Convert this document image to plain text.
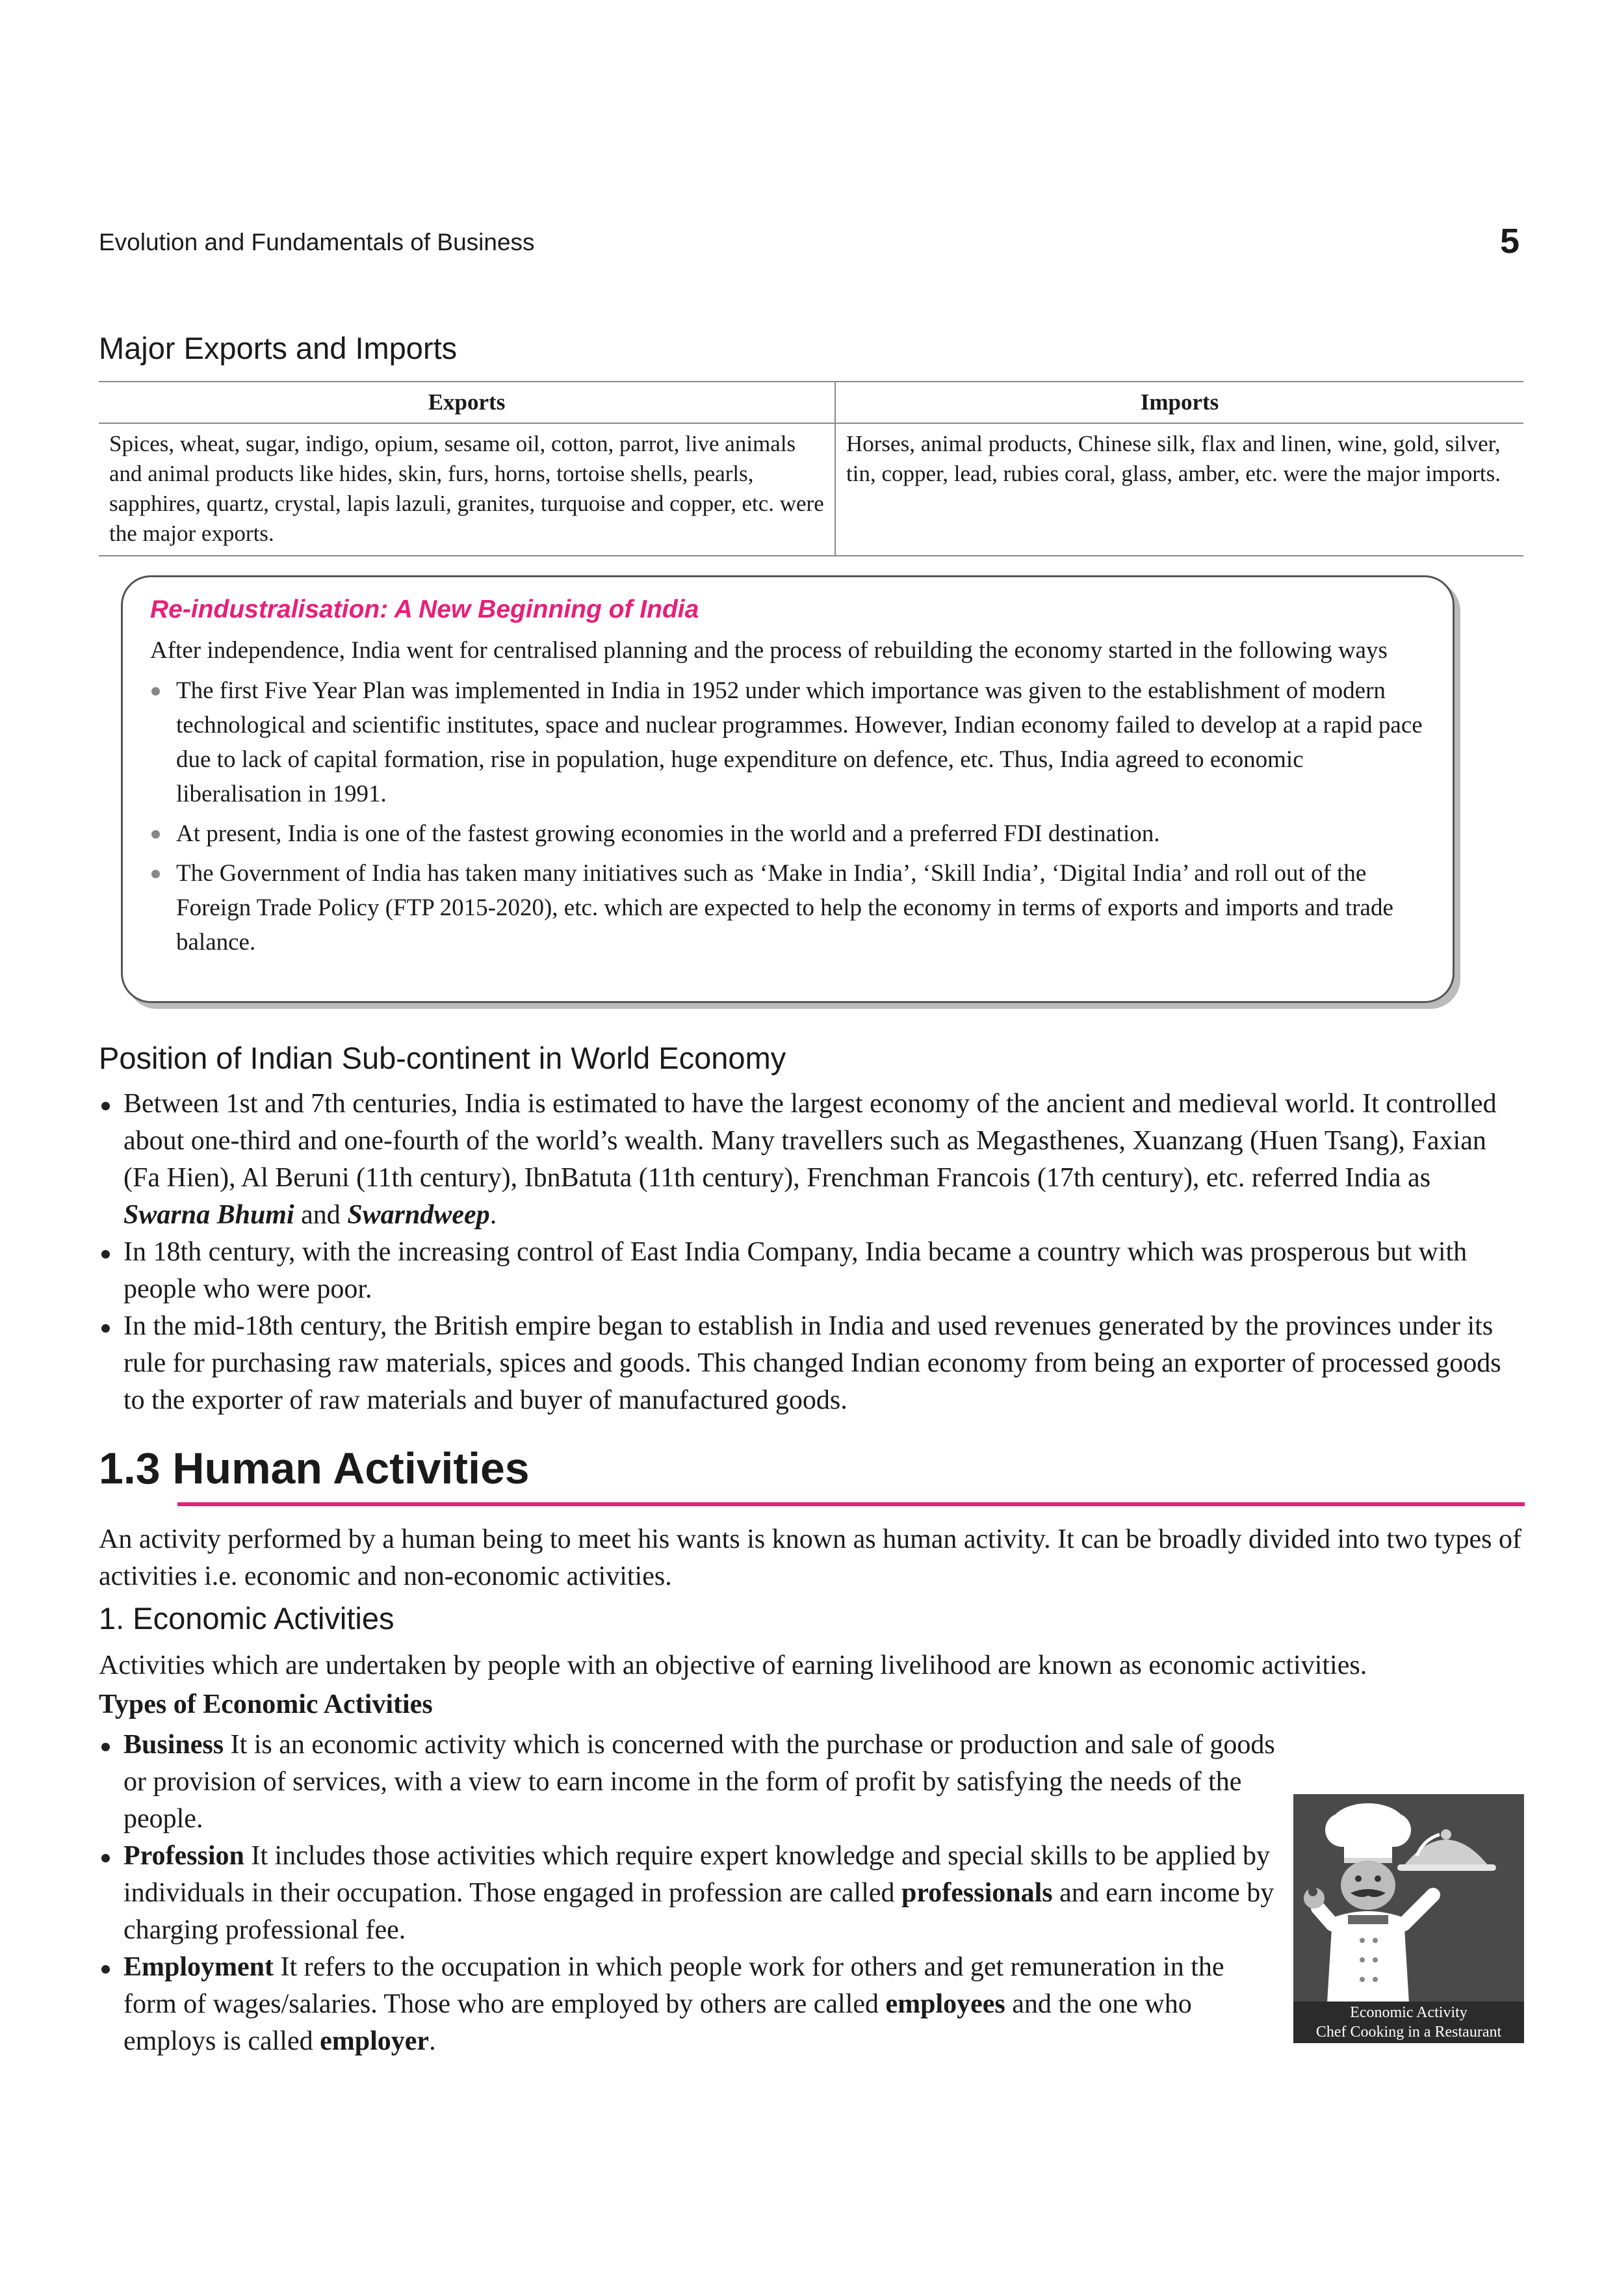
Evolution and Fundamentals of Business	5
Major Exports and Imports
Exports	Imports
Spices, wheat, sugar, indigo, opium, sesame oil, cotton, parrot, live animals and animal products like hides, skin, furs, horns, tortoise shells, pearls, sapphires, quartz, crystal, lapis lazuli, granites, turquoise and copper, etc. were the major exports.	Horses, animal products, Chinese silk, flax and linen, wine, gold, silver, tin, copper, lead, rubies coral, glass, amber, etc. were the major imports.
Re-industralisation: A New Beginning of India

After independence, India went for centralised planning and the process of rebuilding the economy started in the following ways

The first Five Year Plan was implemented in India in 1952 under which importance was given to the establishment of modern technological and scientific institutes, space and nuclear programmes. However, Indian economy failed to develop at a rapid pace due to lack of capital formation, rise in population, huge expenditure on defence, etc. Thus, India agreed to economic liberalisation in 1991.
At present, India is one of the fastest growing economies in the world and a preferred FDI destination.
The Government of India has taken many initiatives such as ‘Make in India’, ‘Skill India’, ‘Digital India’ and roll out of the Foreign Trade Policy (FTP 2015-2020), etc. which are expected to help the economy in terms of exports and imports and trade balance.
Position of Indian Sub-continent in World Economy
Between 1st and 7th centuries, India is estimated to have the largest economy of the ancient and medieval world. It controlled about one-third and one-fourth of the world’s wealth. Many travellers such as Megasthenes, Xuanzang (Huen Tsang), Faxian (Fa Hien), Al Beruni (11th century), IbnBatuta (11th century), Frenchman Francois (17th century), etc. referred India as Swarna Bhumi and Swarndweep.
In 18th century, with the increasing control of East India Company, India became a country which was prosperous but with people who were poor.
In the mid-18th century, the British empire began to establish in India and used revenues generated by the provinces under its rule for purchasing raw materials, spices and goods. This changed Indian economy from being an exporter of processed goods to the exporter of raw materials and buyer of manufactured goods.
1.3 Human Activities

An activity performed by a human being to meet his wants is known as human activity. It can be broadly divided into two types of activities i.e. economic and non-economic activities.

1. Economic Activities

Activities which are undertaken by people with an objective of earning livelihood are known as economic activities.

Types of Economic Activities
Business It is an economic activity which is concerned with the purchase or production and sale of goods or provision of services, with a view to earn income in the form of profit by satisfying the needs of the people.
Profession It includes those activities which require expert knowledge and special skills to be applied by individuals in their occupation. Those engaged in profession are called professionals and earn income by charging professional fee.
Employment It refers to the occupation in which people work for others and get remuneration in the form of wages/salaries. Those who are employed by others are called employees and the one who employs is called employer.
Economic Activity
Chef Cooking in a Restaurant
